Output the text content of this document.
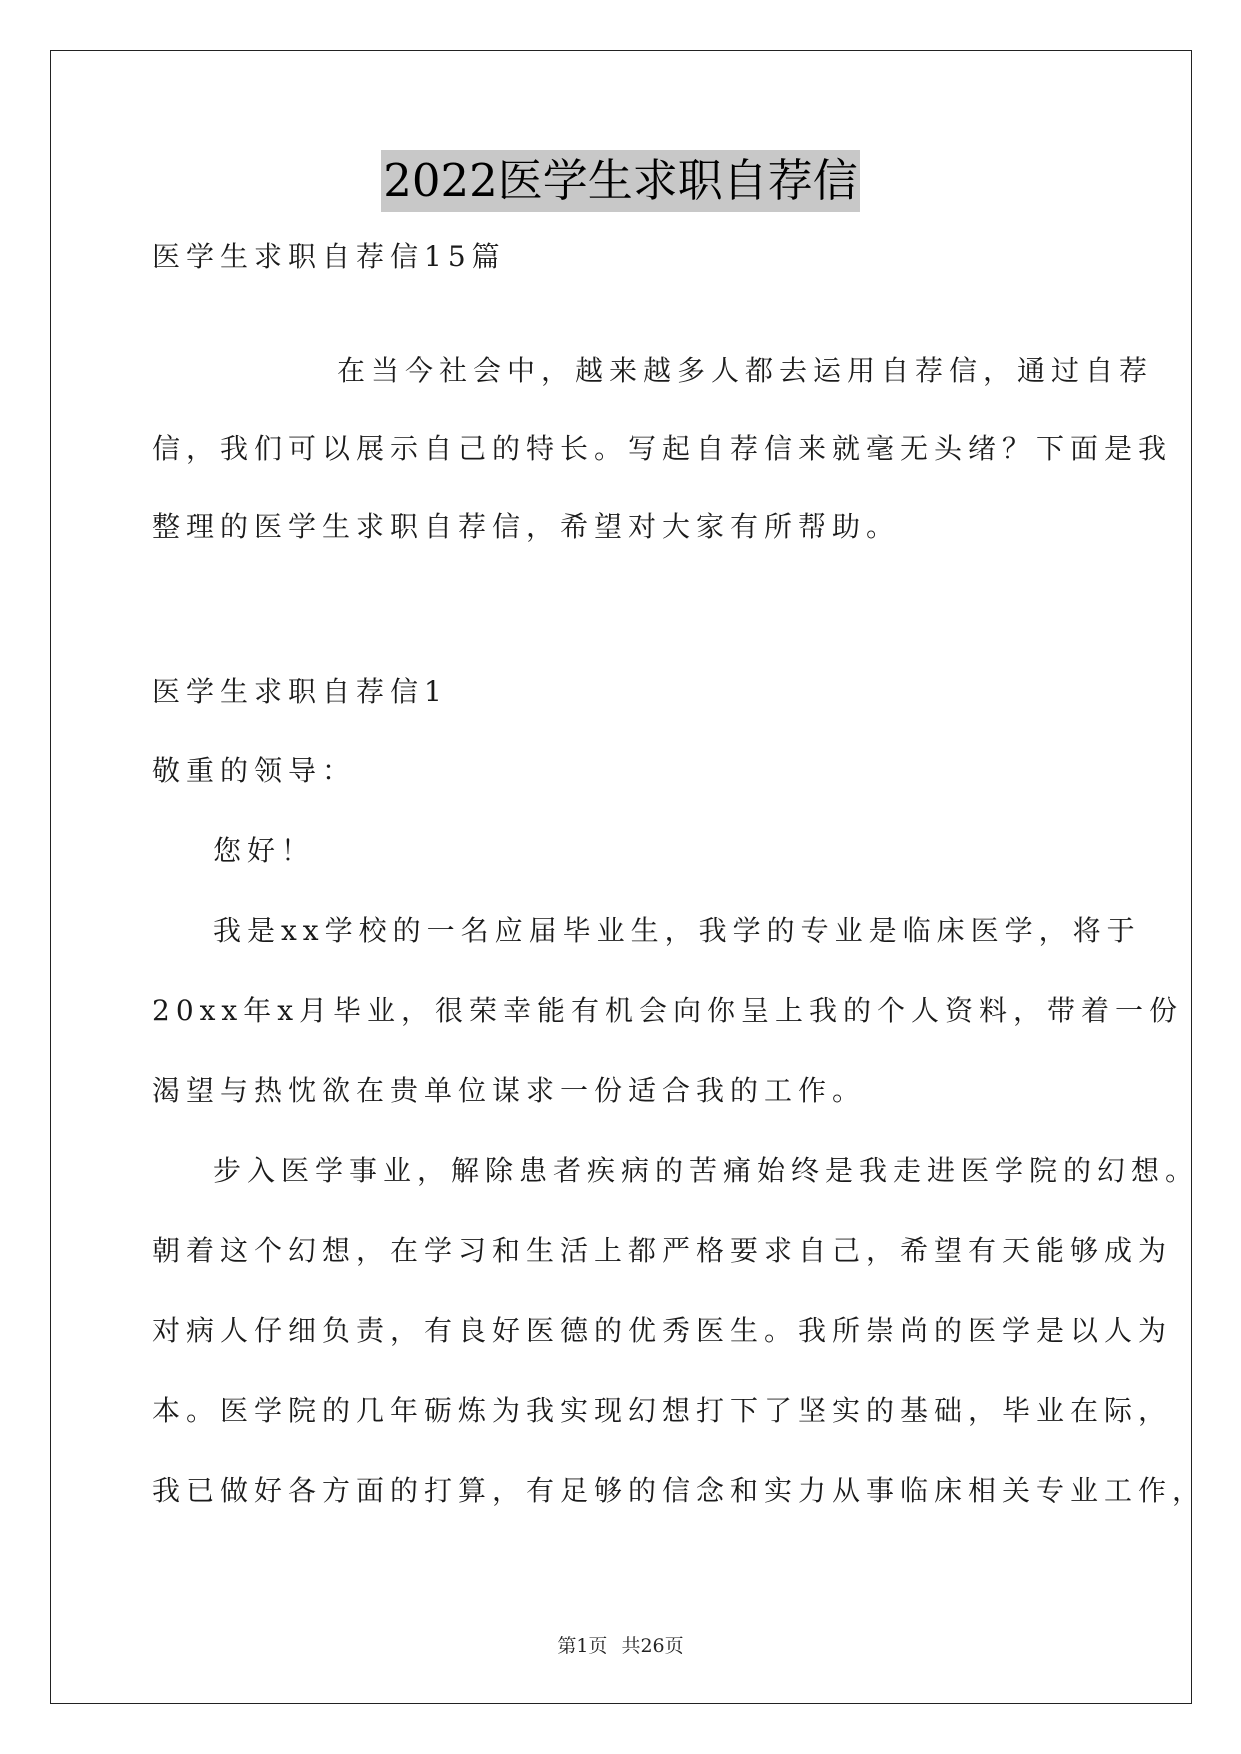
2022医学生求职自荐信
医学生求职自荐信15篇
在当今社会中，越来越多人都去运用自荐信，通过自荐
信，我们可以展示自己的特长。写起自荐信来就毫无头绪？下面是我
整理的医学生求职自荐信，希望对大家有所帮助。
医学生求职自荐信1
敬重的领导：
您好！
我是xx学校的一名应届毕业生，我学的专业是临床医学，将于
20xx年x月毕业，很荣幸能有机会向你呈上我的个人资料，带着一份
渴望与热忱欲在贵单位谋求一份适合我的工作。
步入医学事业，解除患者疾病的苦痛始终是我走进医学院的幻想。
朝着这个幻想，在学习和生活上都严格要求自己，希望有天能够成为
对病人仔细负责，有良好医德的优秀医生。我所崇尚的医学是以人为
本。医学院的几年砺炼为我实现幻想打下了坚实的基础，毕业在际，
我已做好各方面的打算，有足够的信念和实力从事临床相关专业工作，
第1页 共26页
